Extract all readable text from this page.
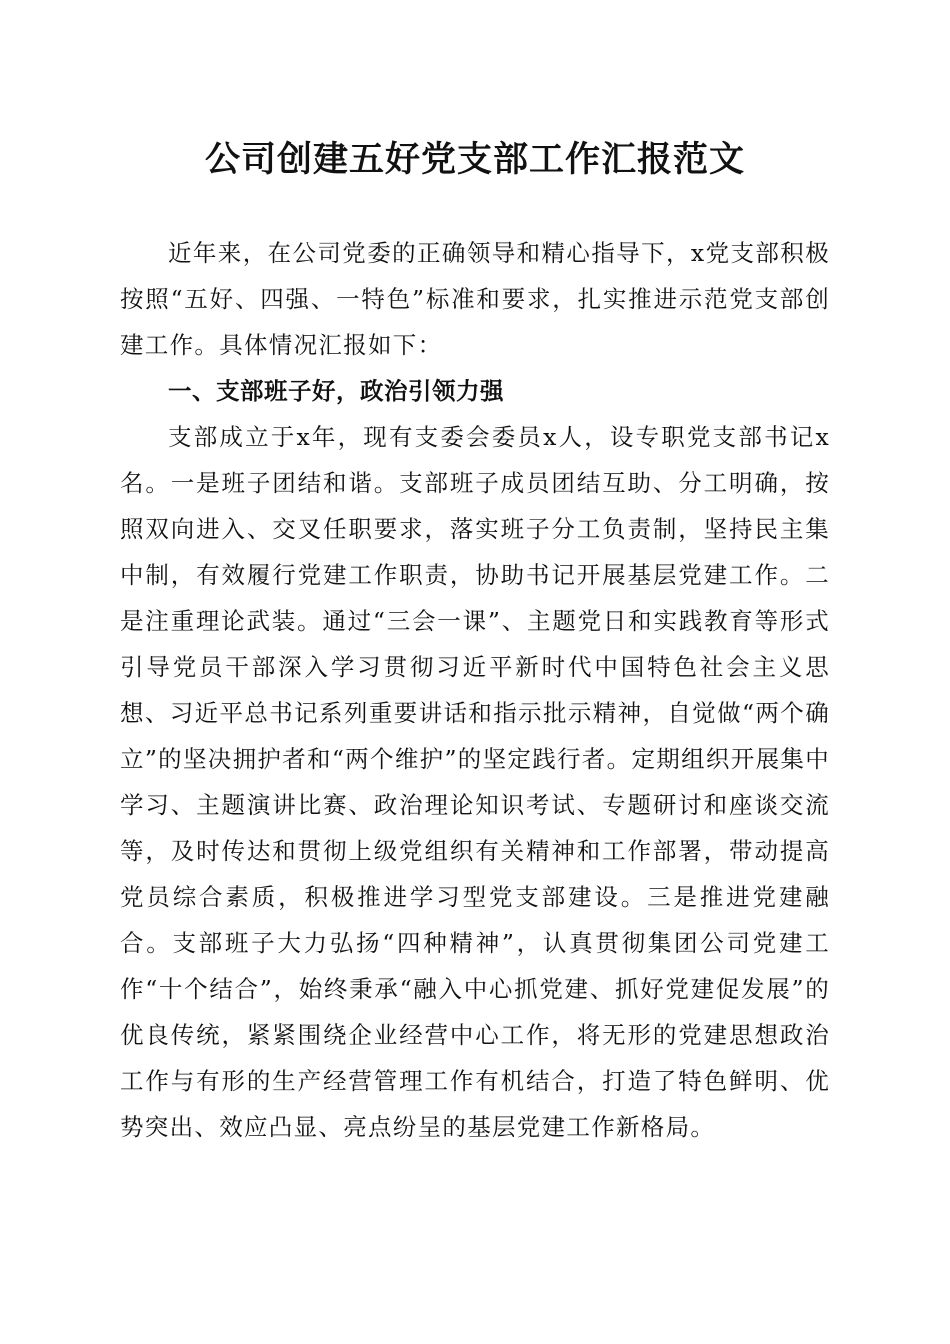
公司创建五好党支部工作汇报范文

近年来，在公司党委的正确领导和精心指导下，x党支部积极按照“五好、四强、一特色”标准和要求，扎实推进示范党支部创建工作。具体情况汇报如下：

一、支部班子好，政治引领力强

支部成立于x年，现有支委会委员x人，设专职党支部书记x名。一是班子团结和谐。支部班子成员团结互助、分工明确，按照双向进入、交叉任职要求，落实班子分工负责制，坚持民主集中制，有效履行党建工作职责，协助书记开展基层党建工作。二是注重理论武装。通过“三会一课”、主题党日和实践教育等形式引导党员干部深入学习贯彻习近平新时代中国特色社会主义思想、习近平总书记系列重要讲话和指示批示精神，自觉做“两个确立”的坚决拥护者和“两个维护”的坚定践行者。定期组织开展集中学习、主题演讲比赛、政治理论知识考试、专题研讨和座谈交流等，及时传达和贯彻上级党组织有关精神和工作部署，带动提高党员综合素质，积极推进学习型党支部建设。三是推进党建融合。支部班子大力弘扬“四种精神”，认真贯彻集团公司党建工作“十个结合”，始终秉承“融入中心抓党建、抓好党建促发展”的优良传统，紧紧围绕企业经营中心工作，将无形的党建思想政治工作与有形的生产经营管理工作有机结合，打造了特色鲜明、优势突出、效应凸显、亮点纷呈的基层党建工作新格局。
